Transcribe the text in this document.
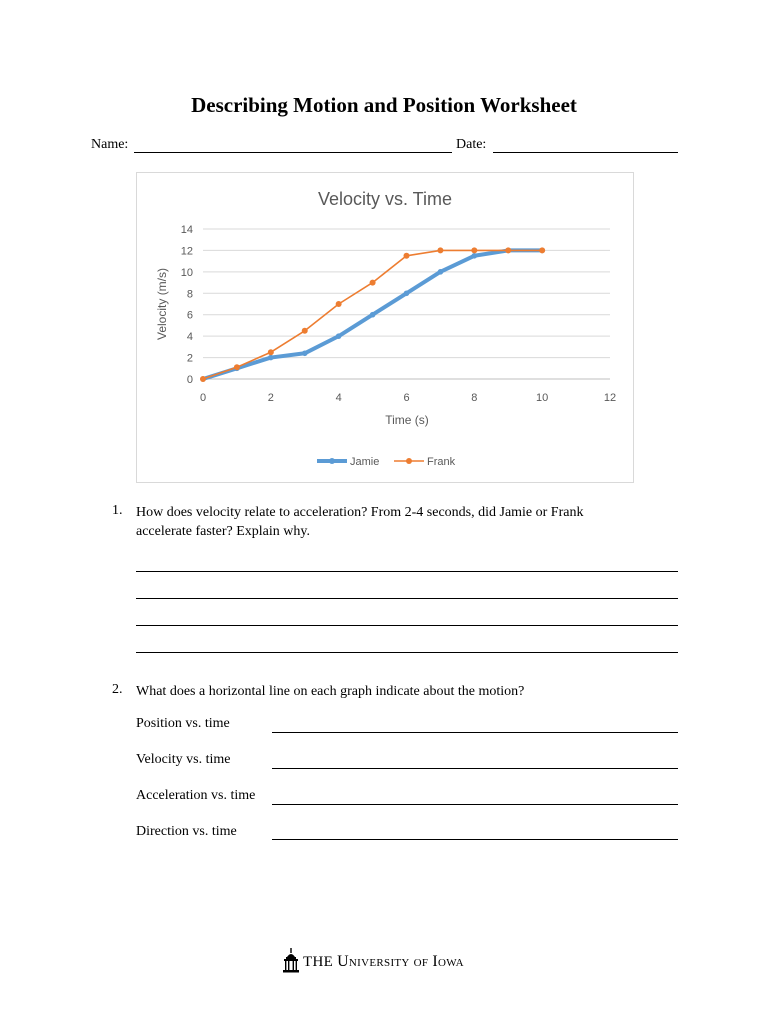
Describing Motion and Position Worksheet
Name:	Date:
Velocity vs. Time
0
2
4
6
8
10
12
14
0	2	4	6	8	10	12
Time (s)
Velocity (m/s)
Jamie	Frank
1. How does velocity relate to acceleration? From 2-4 seconds, did Jamie or Frank
accelerate faster? Explain why.
2. What does a horizontal line on each graph indicate about the motion?
Position vs. time
Velocity vs. time
Acceleration vs. time
Direction vs. time
THE University of Iowa
